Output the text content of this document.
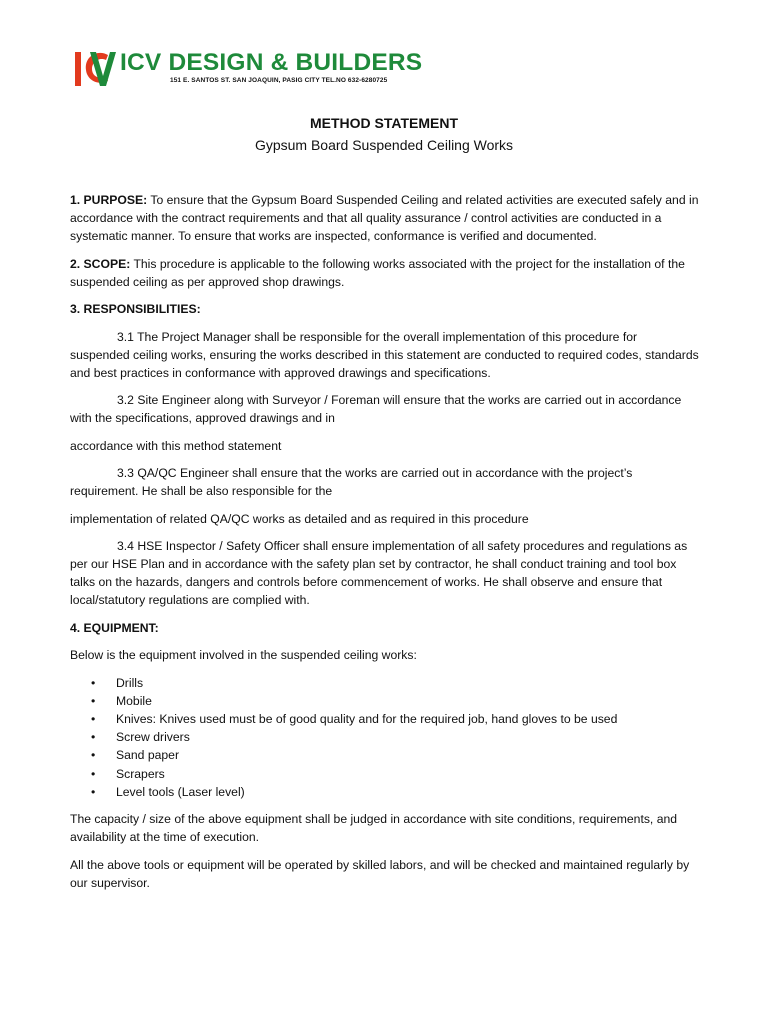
ICV DESIGN & BUILDERS
151 E. SANTOS ST. SAN JOAQUIN, PASIG CITY TEL.NO 632-6280725
METHOD STATEMENT
Gypsum Board Suspended Ceiling Works

1. PURPOSE: To ensure that the Gypsum Board Suspended Ceiling and related activities are executed safely and in accordance with the contract requirements and that all quality assurance / control activities are conducted in a systematic manner. To ensure that works are inspected, conformance is verified and documented.

2. SCOPE: This procedure is applicable to the following works associated with the project for the installation of the suspended ceiling as per approved shop drawings.

3. RESPONSIBILITIES:

3.1 The Project Manager shall be responsible for the overall implementation of this procedure for suspended ceiling works, ensuring the works described in this statement are conducted to required codes, standards and best practices in conformance with approved drawings and specifications.

3.2 Site Engineer along with Surveyor / Foreman will ensure that the works are carried out in accordance with the specifications, approved drawings and in

accordance with this method statement

3.3 QA/QC Engineer shall ensure that the works are carried out in accordance with the project’s requirement. He shall be also responsible for the

implementation of related QA/QC works as detailed and as required in this procedure

3.4 HSE Inspector / Safety Officer shall ensure implementation of all safety procedures and regulations as per our HSE Plan and in accordance with the safety plan set by contractor, he shall conduct training and tool box talks on the hazards, dangers and controls before commencement of works. He shall observe and ensure that local/statutory regulations are complied with.

4. EQUIPMENT:

Below is the equipment involved in the suspended ceiling works:

• Drills
• Mobile
• Knives: Knives used must be of good quality and for the required job, hand gloves to be used
• Screw drivers
• Sand paper
• Scrapers
• Level tools (Laser level)

The capacity / size of the above equipment shall be judged in accordance with site conditions, requirements, and availability at the time of execution.

All the above tools or equipment will be operated by skilled labors, and will be checked and maintained regularly by our supervisor.
